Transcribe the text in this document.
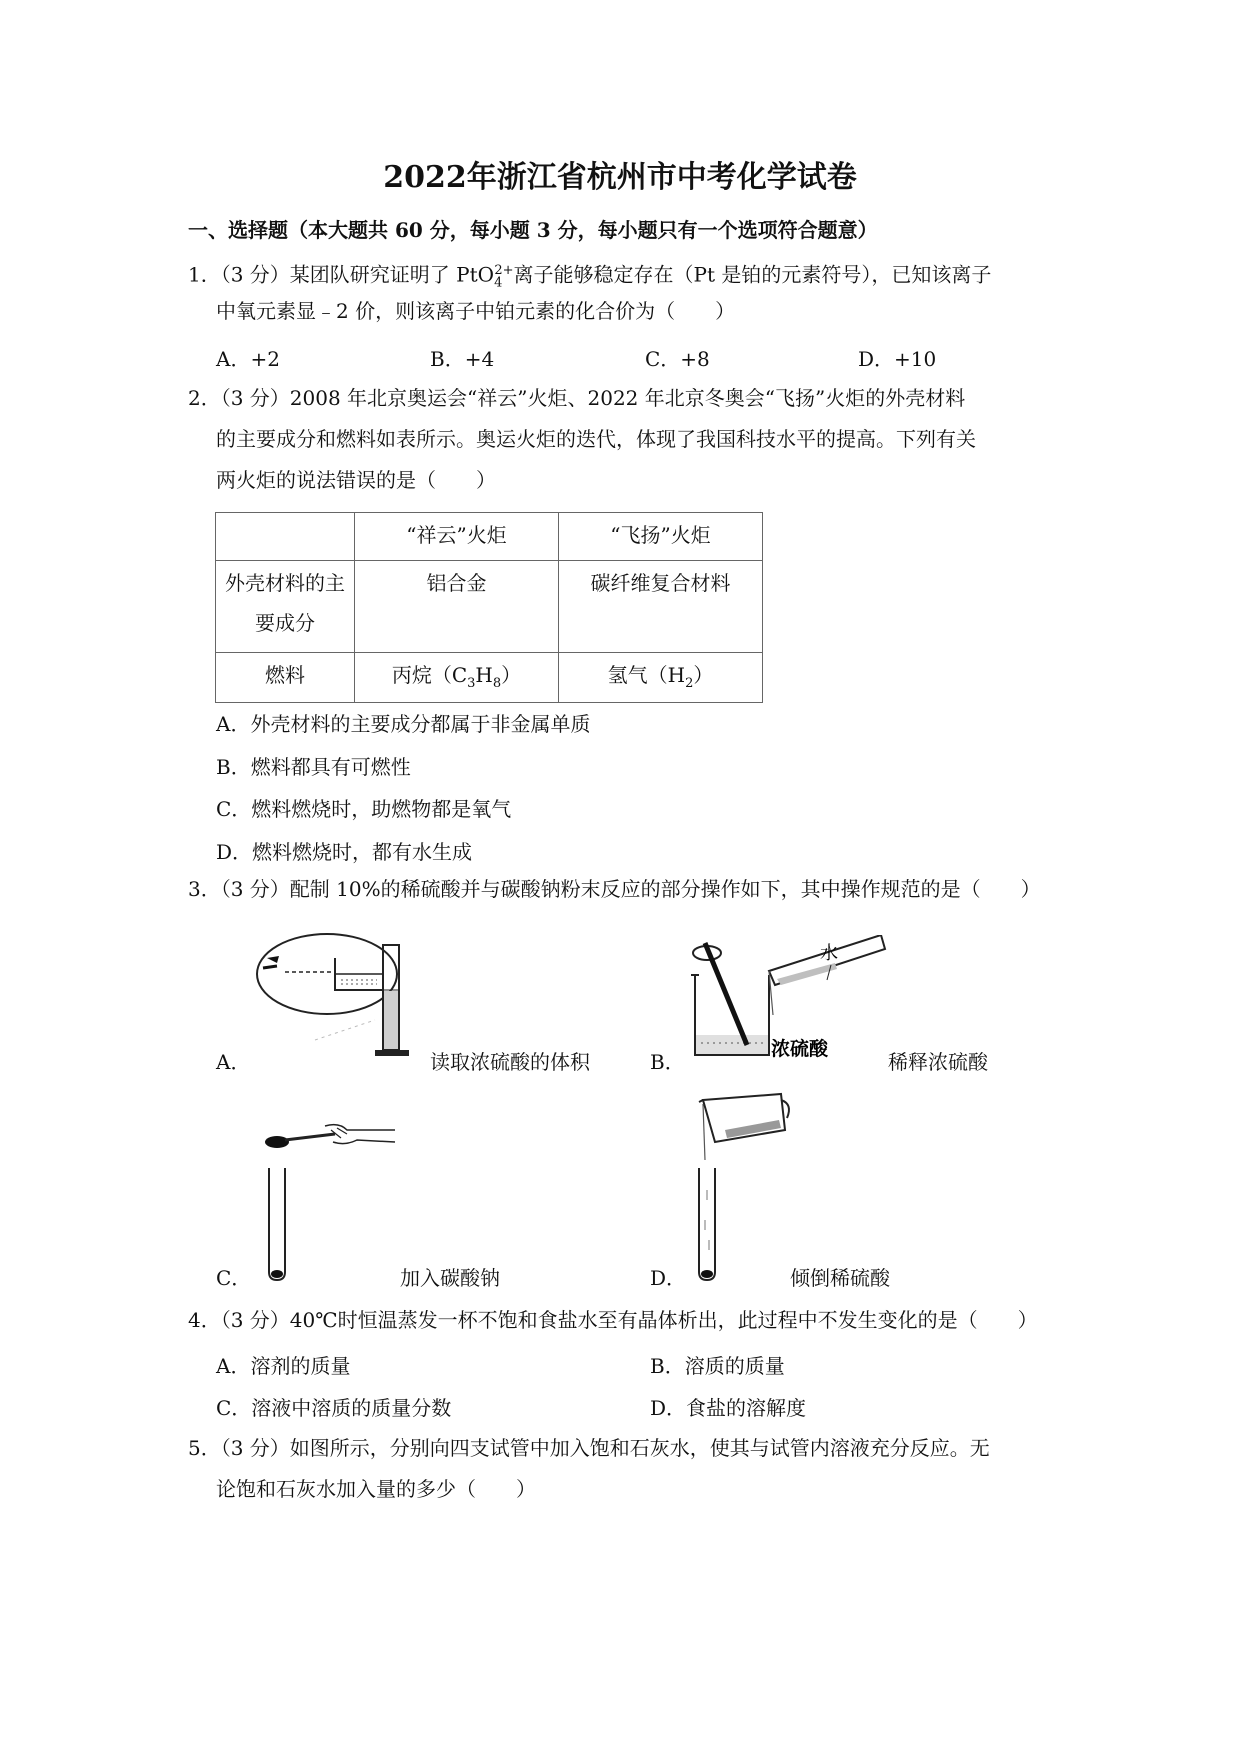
2022年浙江省杭州市中考化学试卷
一、选择题（本大题共 60 分，每小题 3 分，每小题只有一个选项符合题意）
1．（3 分）某团队研究证明了 PtO$_4^{2+}$离子能够稳定存在（Pt 是铂的元素符号），已知该离子
中氧元素显﹣2 价，则该离子中铂元素的化合价为（　　）
A．+2	B．+4	C．+8	D．+10
2．（3 分）2008 年北京奥运会“祥云”火炬、2022 年北京冬奥会“飞扬”火炬的外壳材料
的主要成分和燃料如表所示。奥运火炬的迭代，体现了我国科技水平的提高。下列有关
两火炬的说法错误的是（　　）
	“祥云”火炬	“飞扬”火炬
外壳材料的主
要成分	铝合金	碳纤维复合材料
燃料	丙烷$(C_3H_8)$	氢气$(H_2)$
A．外壳材料的主要成分都属于非金属单质
B．燃料都具有可燃性
C．燃料燃烧时，助燃物都是氧气
D．燃料燃烧时，都有水生成
3．（3 分）配制 10%的稀硫酸并与碳酸钠粉末反应的部分操作如下，其中操作规范的是（　　）
A．	读取浓硫酸的体积
水
浓硫酸
B．	稀释浓硫酸
C．	加入碳酸钠	D．	倾倒稀硫酸
4．（3 分）40℃时恒温蒸发一杯不饱和食盐水至有晶体析出，此过程中不发生变化的是（　　）
A．溶剂的质量	B．溶质的质量
C．溶液中溶质的质量分数	D．食盐的溶解度
5．（3 分）如图所示，分别向四支试管中加入饱和石灰水，使其与试管内溶液充分反应。无
论饱和石灰水加入量的多少（　　）
